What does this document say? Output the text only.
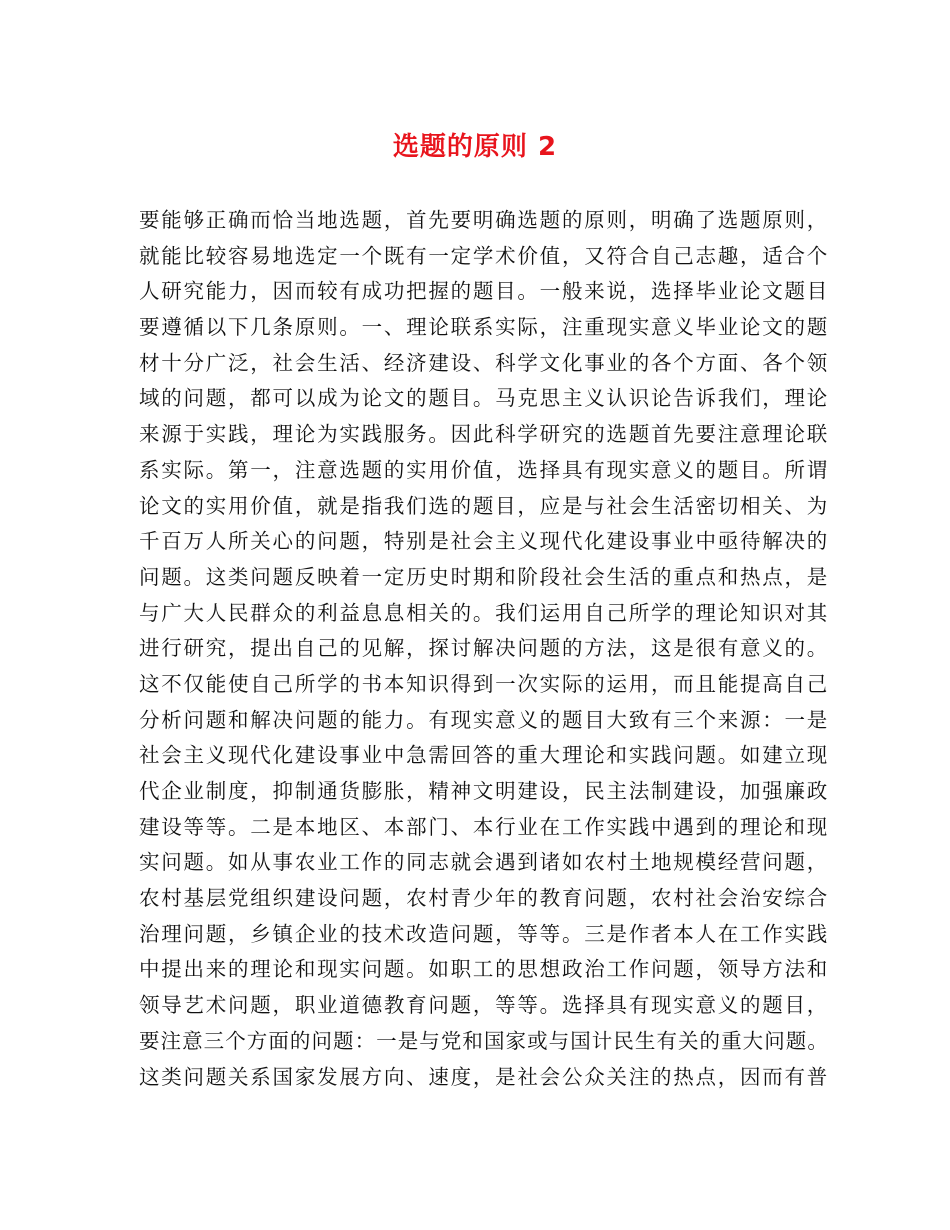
选题的原则 2
要能够正确而恰当地选题，首先要明确选题的原则，明确了选题原则，
就能比较容易地选定一个既有一定学术价值，又符合自己志趣，适合个
人研究能力，因而较有成功把握的题目。一般来说，选择毕业论文题目
要遵循以下几条原则。一、理论联系实际，注重现实意义毕业论文的题
材十分广泛，社会生活、经济建设、科学文化事业的各个方面、各个领
域的问题，都可以成为论文的题目。马克思主义认识论告诉我们，理论
来源于实践，理论为实践服务。因此科学研究的选题首先要注意理论联
系实际。第一，注意选题的实用价值，选择具有现实意义的题目。所谓
论文的实用价值，就是指我们选的题目，应是与社会生活密切相关、为
千百万人所关心的问题，特别是社会主义现代化建设事业中亟待解决的
问题。这类问题反映着一定历史时期和阶段社会生活的重点和热点，是
与广大人民群众的利益息息相关的。我们运用自己所学的理论知识对其
进行研究，提出自己的见解，探讨解决问题的方法，这是很有意义的。
这不仅能使自己所学的书本知识得到一次实际的运用，而且能提高自己
分析问题和解决问题的能力。有现实意义的题目大致有三个来源：一是
社会主义现代化建设事业中急需回答的重大理论和实践问题。如建立现
代企业制度，抑制通货膨胀，精神文明建设，民主法制建设，加强廉政
建设等等。二是本地区、本部门、本行业在工作实践中遇到的理论和现
实问题。如从事农业工作的同志就会遇到诸如农村土地规模经营问题，
农村基层党组织建设问题，农村青少年的教育问题，农村社会治安综合
治理问题，乡镇企业的技术改造问题，等等。三是作者本人在工作实践
中提出来的理论和现实问题。如职工的思想政治工作问题，领导方法和
领导艺术问题，职业道德教育问题，等等。选择具有现实意义的题目，
要注意三个方面的问题：一是与党和国家或与国计民生有关的重大问题。
这类问题关系国家发展方向、速度，是社会公众关注的热点，因而有普
